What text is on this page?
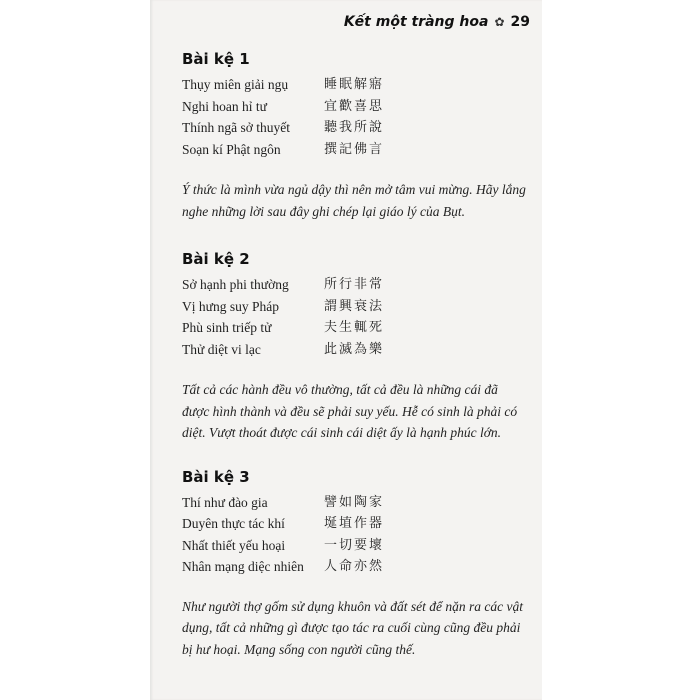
Kết một tràng hoa ✿ 29
Bài kệ 1
Thụy miên giải ngụ	睡眠解寤
Nghi hoan hỉ tư	宜歡喜思
Thính ngã sở thuyết	聽我所說
Soạn kí Phật ngôn	撰記佛言

Ý thức là mình vừa ngủ dậy thì nên mở tâm vui mừng. Hãy lắng nghe những lời sau đây ghi chép lại giáo lý của Bụt.

Bài kệ 2
Sở hạnh phi thường	所行非常
Vị hưng suy Pháp	謂興衰法
Phù sinh triếp tử	夫生輒死
Thử diệt vi lạc	此滅為樂

Tất cả các hành đều vô thường, tất cả đều là những cái đã được hình thành và đều sẽ phải suy yếu. Hễ có sinh là phải có diệt. Vượt thoát được cái sinh cái diệt ấy là hạnh phúc lớn.

Bài kệ 3
Thí như đào gia	譬如陶家
Duyên thực tác khí	埏埴作器
Nhất thiết yếu hoại	一切要壞
Nhân mạng diệc nhiên	人命亦然

Như người thợ gốm sử dụng khuôn và đất sét để nặn ra các vật dụng, tất cả những gì được tạo tác ra cuối cùng cũng đều phải bị hư hoại. Mạng sống con người cũng thế.
